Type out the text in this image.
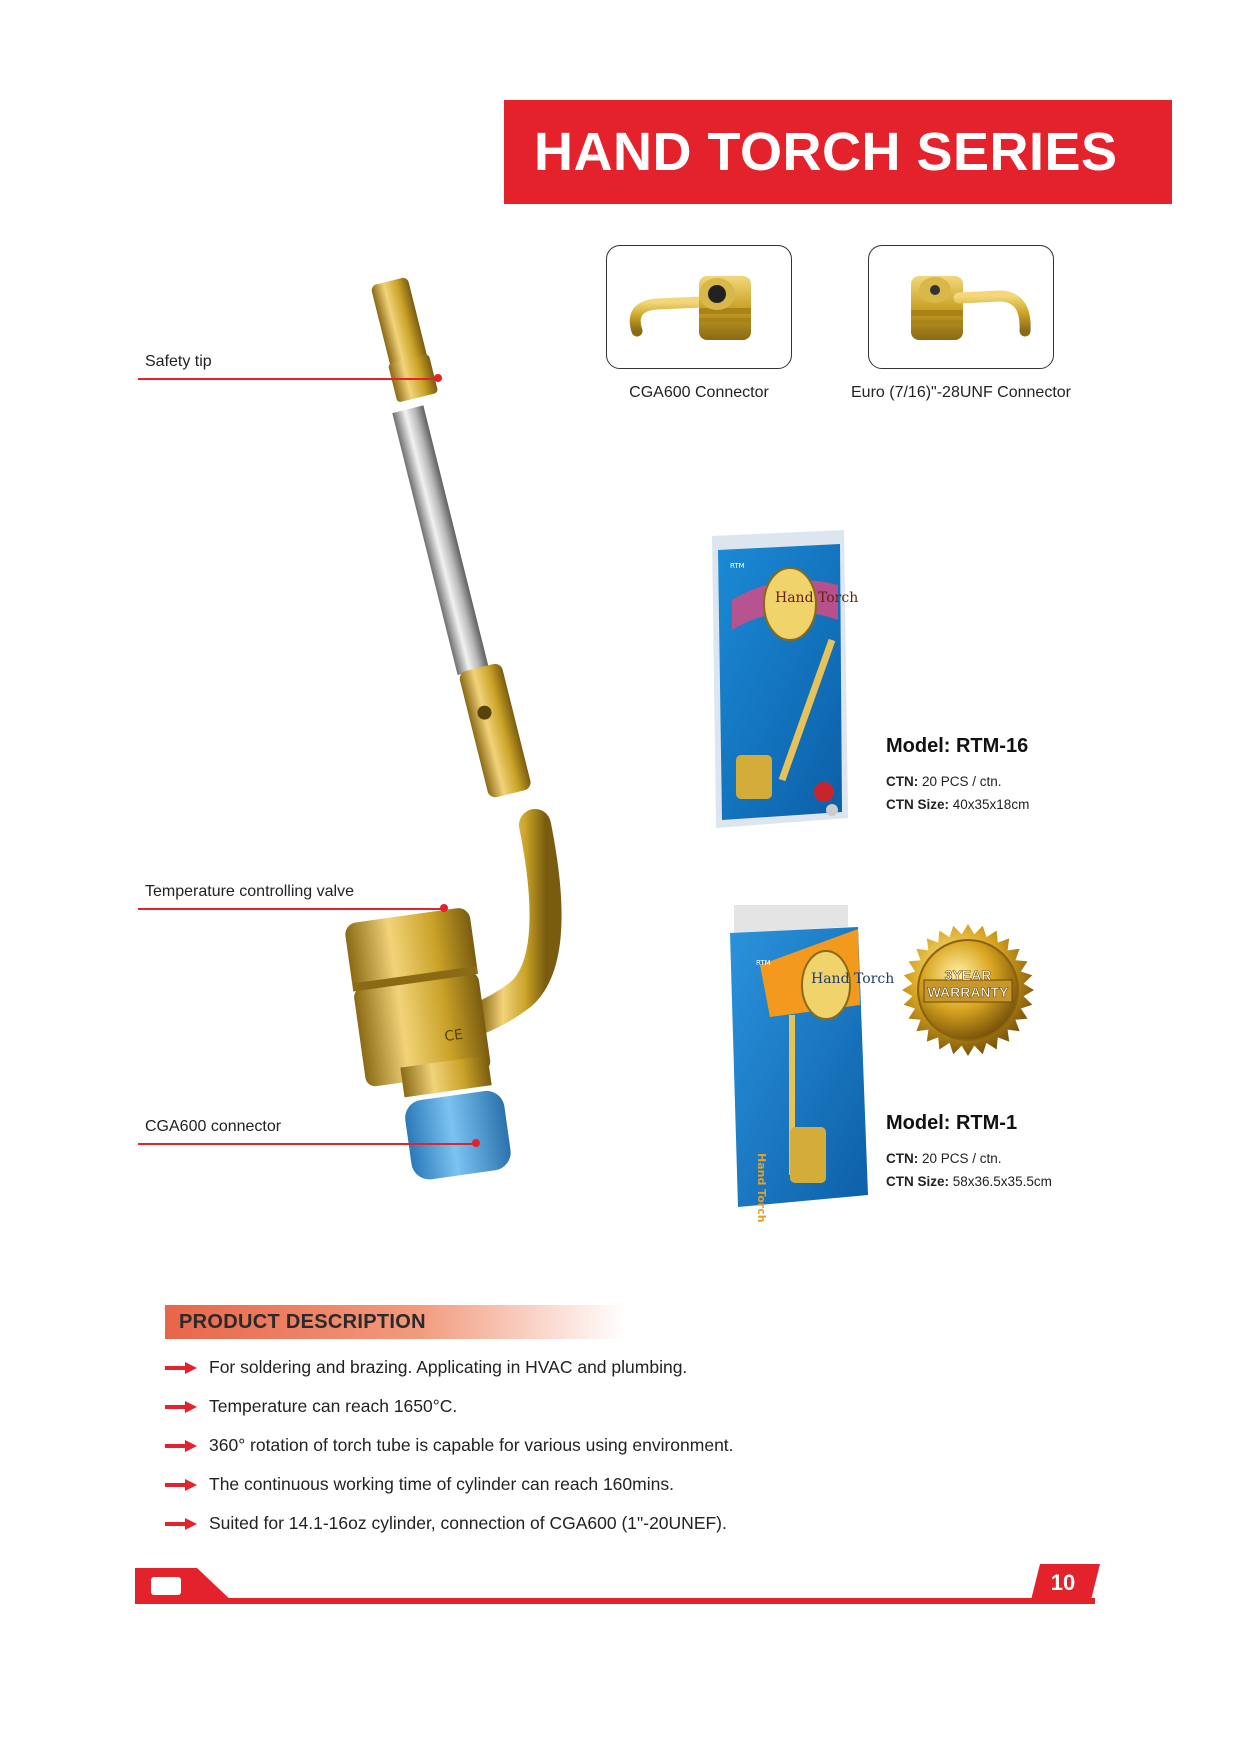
HAND TORCH SERIES
CGA600 Connector	Euro (7/16)"-28UNF Connector
CE
Safety tip
Temperature controlling valve
CGA600 connector
Hand Torch
RTM
Hand Torch
RTM
Hand Torch
3YEAR
WARRANTY
Model: RTM-16
CTN: 20 PCS / ctn.
CTN Size: 40x35x18cm
Model: RTM-1
CTN: 20 PCS / ctn.
CTN Size: 58x36.5x35.5cm
PRODUCT DESCRIPTION
For soldering and brazing. Applicating in HVAC and plumbing.
Temperature can reach 1650°C.
360° rotation of torch tube is capable for various using environment.
The continuous working time of cylinder can reach 160mins.
Suited for 14.1-16oz cylinder, connection of CGA600 (1"-20UNEF).
10
